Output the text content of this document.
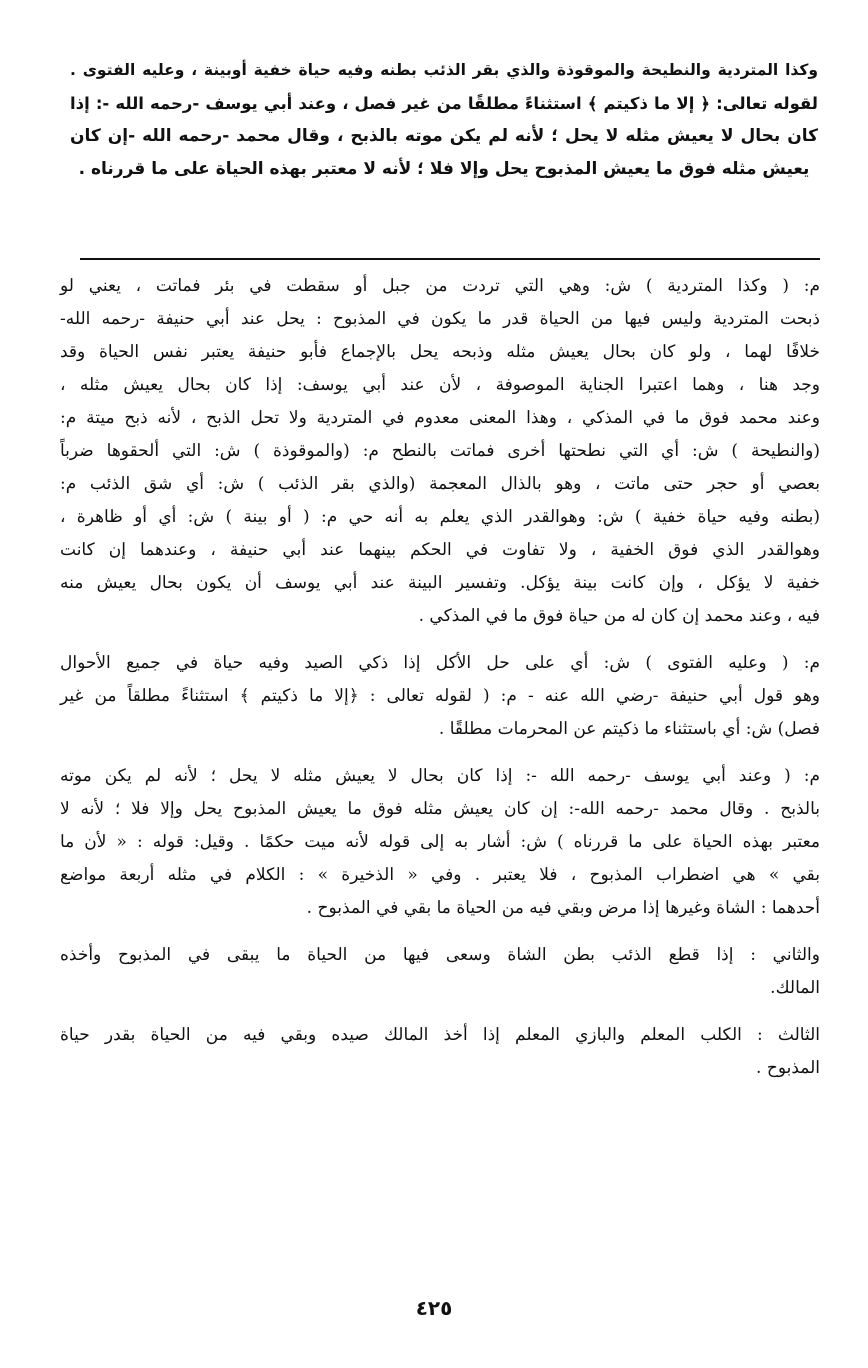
وكذا المتردية والنطيحة والموقوذة والذي بقر الذئب بطنه وفيه حياة خفية أوبينة ، وعليه الفتوى .
لقوله تعالى: ﴿ إلا ما ذكيتم ﴾ استثناءً مطلقًا من غير فصل ، وعند أبي يوسف -رحمه الله -: إذا
كان بحال لا يعيش مثله لا يحل ؛ لأنه لم يكن موته بالذبح ، وقال محمد -رحمه الله -إن كان
يعيش مثله فوق ما يعيش المذبوح يحل وإلا فلا ؛ لأنه لا معتبر بهذه الحياة على ما قررناه .
م: ( وكذا المتردية ) ش: وهي التي تردت من جبل أو سقطت في بئر فماتت ، يعني لو
ذبحت المتردية وليس فيها من الحياة قدر ما يكون في المذبوح : يحل عند أبي حنيفة -رحمه الله-
خلافًا لهما ، ولو كان بحال يعيش مثله وذبحه يحل بالإجماع فأبو حنيفة يعتبر نفس الحياة وقد
وجد هنا ، وهما اعتبرا الجناية الموصوفة ، لأن عند أبي يوسف: إذا كان بحال يعيش مثله ،
وعند محمد فوق ما في المذكي ، وهذا المعنى معدوم في المتردية ولا تحل الذبح ، لأنه ذبح ميتة م:
(والنطيحة ) ش: أي التي نطحتها أخرى فماتت بالنطح م: (والموقوذة ) ش: التي ألحقوها ضرباً
بعصي أو حجر حتى ماتت ، وهو بالذال المعجمة (والذي بقر الذئب ) ش: أي شق الذئب م:
(بطنه وفيه حياة خفية ) ش: وهوالقدر الذي يعلم به أنه حي م: ( أو بينة ) ش: أي أو ظاهرة ،
وهوالقدر الذي فوق الخفية ، ولا تفاوت في الحكم بينهما عند أبي حنيفة ، وعندهما إن كانت
خفية لا يؤكل ، وإن كانت بينة يؤكل. وتفسير البينة عند أبي يوسف أن يكون بحال يعيش منه
فيه ، وعند محمد إن كان له من حياة فوق ما في المذكي .
م: ( وعليه الفتوى ) ش: أي على حل الأكل إذا ذكي الصيد وفيه حياة في جميع الأحوال
وهو قول أبي حنيفة -رضي الله عنه - م: ( لقوله تعالى : ﴿إلا ما ذكيتم ﴾ استثناءً مطلقاً من غير
فصل) ش: أي باستثناء ما ذكيتم عن المحرمات مطلقًا .
م: ( وعند أبي يوسف -رحمه الله -: إذا كان بحال لا يعيش مثله لا يحل ؛ لأنه لم يكن موته
بالذبح . وقال محمد -رحمه الله-: إن كان يعيش مثله فوق ما يعيش المذبوح يحل وإلا فلا ؛ لأنه لا
معتبر بهذه الحياة على ما قررناه ) ش: أشار به إلى قوله لأنه ميت حكمًا . وقيل: قوله : « لأن ما
بقي » هي اضطراب المذبوح ، فلا يعتبر . وفي « الذخيرة » : الكلام في مثله أربعة مواضع
أحدهما : الشاة وغيرها إذا مرض وبقي فيه من الحياة ما بقي في المذبوح .
والثاني : إذا قطع الذئب بطن الشاة وسعى فيها من الحياة ما يبقى في المذبوح وأخذه
المالك.
الثالث : الكلب المعلم والبازي المعلم إذا أخذ المالك صيده وبقي فيه من الحياة بقدر حياة
المذبوح .
٤٢٥
